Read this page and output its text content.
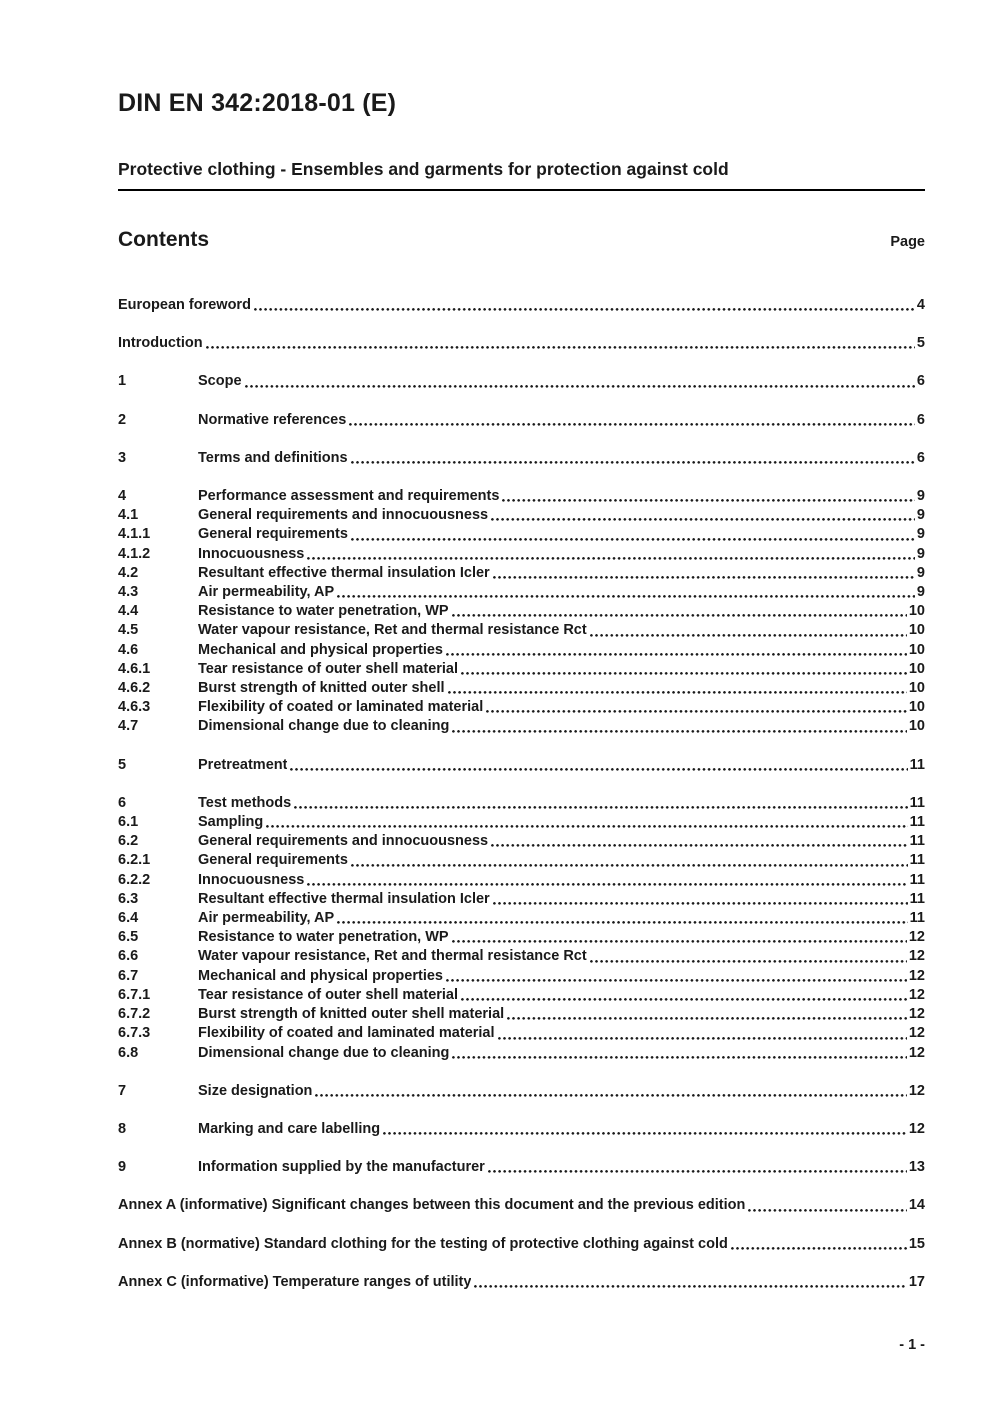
DIN EN 342:2018-01 (E)
Protective clothing - Ensembles and garments for protection against cold
Contents	Page
European foreword	4
Introduction	5
1	Scope	6
2	Normative references	6
3	Terms and definitions	6
4	Performance assessment and requirements	9
4.1	General requirements and innocuousness	9
4.1.1	General requirements	9
4.1.2	Innocuousness	9
4.2	Resultant effective thermal insulation Icler	9
4.3	Air permeability, AP	9
4.4	Resistance to water penetration, WP	10
4.5	Water vapour resistance, Ret and thermal resistance Rct	10
4.6	Mechanical and physical properties	10
4.6.1	Tear resistance of outer shell material	10
4.6.2	Burst strength of knitted outer shell	10
4.6.3	Flexibility of coated or laminated material	10
4.7	Dimensional change due to cleaning	10
5	Pretreatment	11
6	Test methods	11
6.1	Sampling	11
6.2	General requirements and innocuousness	11
6.2.1	General requirements	11
6.2.2	Innocuousness	11
6.3	Resultant effective thermal insulation Icler	11
6.4	Air permeability, AP	11
6.5	Resistance to water penetration, WP	12
6.6	Water vapour resistance, Ret and thermal resistance Rct	12
6.7	Mechanical and physical properties	12
6.7.1	Tear resistance of outer shell material	12
6.7.2	Burst strength of knitted outer shell material	12
6.7.3	Flexibility of coated and laminated material	12
6.8	Dimensional change due to cleaning	12
7	Size designation	12
8	Marking and care labelling	12
9	Information supplied by the manufacturer	13
Annex A (informative) Significant changes between this document and the previous edition	14
Annex B (normative) Standard clothing for the testing of protective clothing against cold	15
Annex C (informative) Temperature ranges of utility	17
- 1 -
